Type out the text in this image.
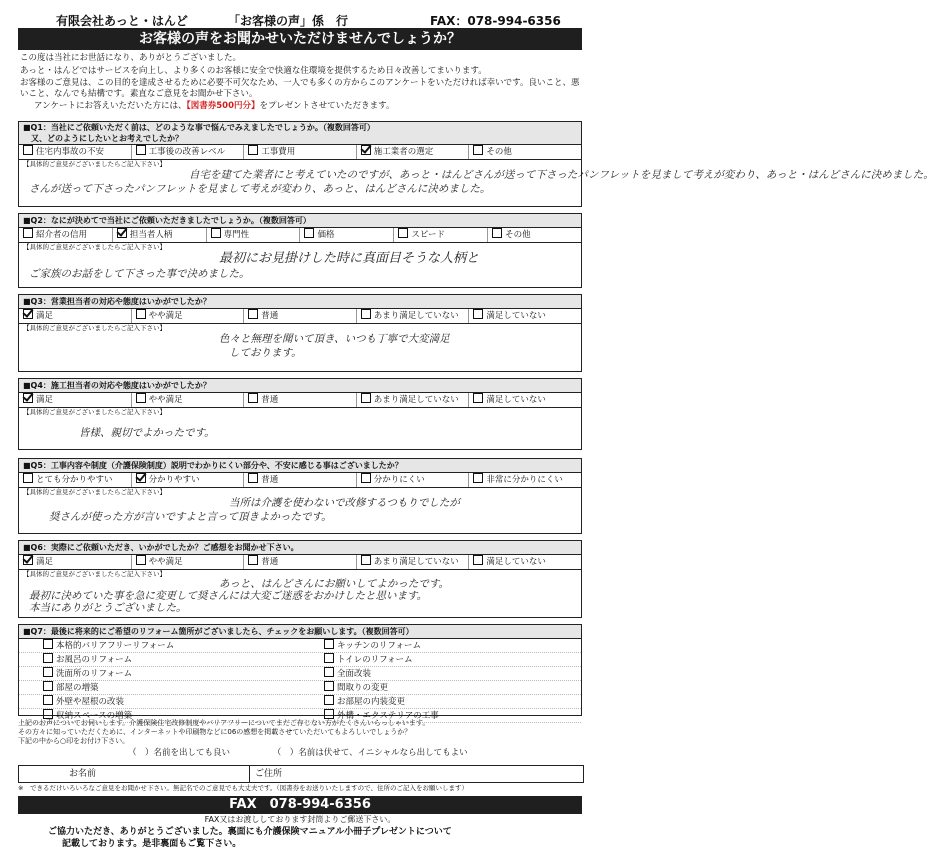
有限会社あっと・はんど	「お客様の声」係　行	FAX：078-994-6356
お客様の声をお聞かせいただけませんでしょうか？
この度は当社にお世話になり、ありがとうございました。
あっと・はんどではサービスを向上し、より多くのお客様に安全で快適な住環境を提供するため日々改善してまいります。
お客様のご意見は、この目的を達成させるために必要不可欠なため、一人でも多くの方からこのアンケートをいただければ幸いです。良いこと、悪いこと、なんでも結構です。素直なご意見をお聞かせ下さい。
アンケートにお答えいただいた方には、【図書券500円分】をプレゼントさせていただきます。
■Q1：当社にご依頼いただく前は、どのような事で悩んでみえましたでしょうか。（複数回答可）
　又、どのようにしたいとお考えでしたか？
住宅内事故の不安	工事後の改善レベル	工事費用	施工業者の選定	その他
【具体的ご意見がございましたらご記入下さい】
自宅を建てた業者にと考えていたのですが、あっと・はんどさんが送って下さったパンフレットを見まして考えが変わり、あっと・はんどさんに決めました。
さんが送って下さったパンフレットを見まして考えが変わり、あっと、はんどさんに決めました。
■Q2：なにが決めてで当社にご依頼いただきましたでしょうか。（複数回答可）
紹介者の信用	担当者人柄	専門性	価格	スピード	その他
【具体的ご意見がございましたらご記入下さい】
最初にお見掛けした時に真面目そうな人柄と
ご家族のお話をして下さった事で決めました。
■Q3：営業担当者の対応や態度はいかがでしたか？
満足	やや満足	普通	あまり満足していない	満足していない
【具体的ご意見がございましたらご記入下さい】
色々と無理を聞いて頂き、いつも丁寧で大変満足
しております。
■Q4：施工担当者の対応や態度はいかがでしたか？
満足	やや満足	普通	あまり満足していない	満足していない
【具体的ご意見がございましたらご記入下さい】
皆様、親切でよかったです。
■Q5：工事内容や制度（介護保険制度）説明でわかりにくい部分や、不安に感じる事はございましたか？
とても分かりやすい	分かりやすい	普通	分かりにくい	非常に分かりにくい
【具体的ご意見がございましたらご記入下さい】
当所は介護を使わないで改修するつもりでしたが
奨さんが使った方が言いですよと言って頂きよかったです。
■Q6：実際にご依頼いただき、いかがでしたか？ご感想をお聞かせ下さい。
満足	やや満足	普通	あまり満足していない	満足していない
【具体的ご意見がございましたらご記入下さい】
あっと、はんどさんにお願いしてよかったです。
最初に決めていた事を急に変更して奨さんには大変ご迷惑をおかけしたと思います。
本当にありがとうございました。
■Q7：最後に将来的にご希望のリフォーム箇所がございましたら、チェックをお願いします。（複数回答可）
本格的バリアフリーリフォーム	キッチンのリフォーム
お風呂のリフォーム	トイレのリフォーム
洗面所のリフォーム	全面改装
部屋の増築	間取りの変更
外壁や屋根の改装	お部屋の内装変更
収納スペースの増築	外構・エクステリアの工事
上記のお声についてお伺いします。介護保険住宅改修制度やバリアフリーについてまだご存じない方がたくさんいらっしゃいます。
その方々に知っていただくために、インターネットや印刷物などに06の感想を掲載させていただいてもよろしいでしょうか？
下記の中から○印をお付け下さい。
（　）名前を出しても良い	（　）名前は伏せて、イニシャルなら出してもよい
お名前	ご住所
※　できるだけいろいろなご意見をお聞かせ下さい。無記名でのご意見でも大丈夫です。（図書券をお送りいたしますので、住所のご記入をお願いします）
FAX　078-994-6356
FAX又はお渡ししております封筒よりご郵送下さい。
ご協力いただき、ありがとうございました。裏面にも介護保険マニュアル小冊子プレゼントについて
記載しております。是非裏面もご覧下さい。
